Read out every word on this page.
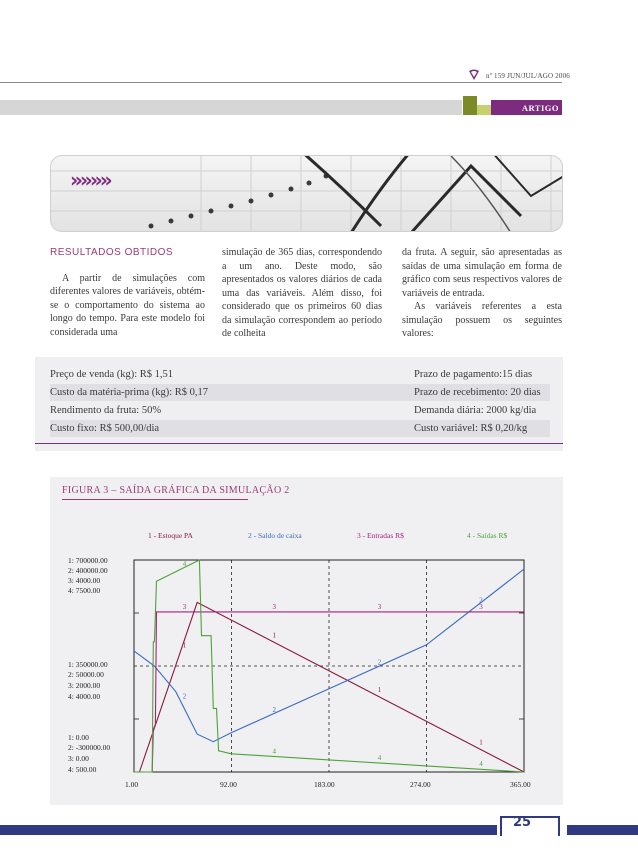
nº 159 JUN/JUL/AGO 2006
ARTIGO
»»»»
RESULTADOS OBTIDOS

A partir de simulações com diferentes valores de variáveis, obtém-se o comportamento do sistema ao longo do tempo. Para este modelo foi considerada uma

simulação de 365 dias, correspondendo a um ano. Deste modo, são apresentados os valores diários de cada uma das variáveis. Além disso, foi considerado que os primeiros 60 dias da simulação correspondem ao período de colheita

da fruta. A seguir, são apresentadas as saídas de uma simulação em forma de gráfico com seus respectivos valores de variáveis de entrada.

As variáveis referentes a esta simulação possuem os seguintes valores:

Preço de venda (kg): R$ 1,51	Prazo de pagamento:15 dias
Custo da matéria-prima (kg): R$ 0,17	Prazo de recebimento: 20 dias
Rendimento da fruta: 50%	Demanda diária: 2000 kg/dia
Custo fixo: R$ 500,00/dia	Custo variável: R$ 0,20/kg
FIGURA 3 – SAÍDA GRÁFICA DA SIMULAÇÃO 2
1 - Estoque PA	2 - Saldo de caixa	3 - Entradas R$	4 - Saídas R$
1: 700000.00
2: 400000.00
3: 4000.00
4: 7500.00
1: 350000.00
2: 50000.00
3: 2000.00
4: 4000.00
1: 0.00
2: -300000.00
3: 0.00
4: 500.00
1.00	92.00	183.00	274.00	365.00
1
1
1
1
2
2
2
2
3	3	3	3
4
4
4
4
25
